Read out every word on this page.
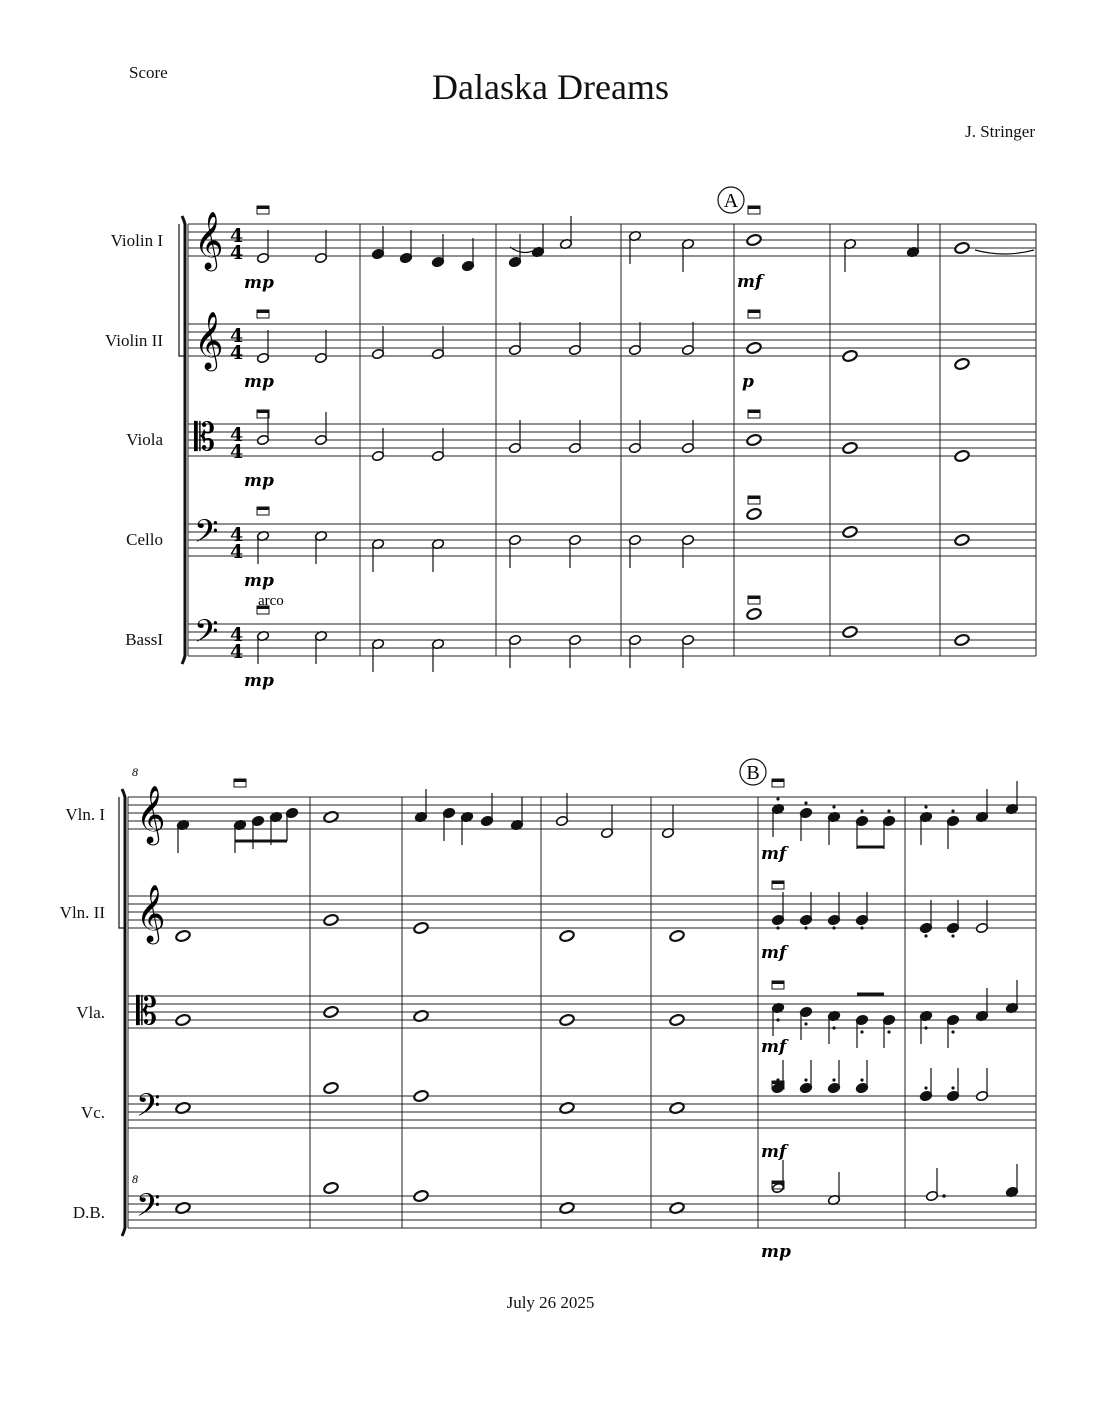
Score	Dalaska Dreams
J. Stringer
Violin I
Violin II
Viola
Cello
BassI
Vln. I
Vln. II
Vla.
Vc.
D.B.
𝄞
𝄞
𝄡
𝄢
𝄢
4
4
4
4
4
4
4
4
4
4
𝄞
𝄞
𝄡
𝄢
𝄢
8
8
A
B
mp
mp
mp
mp
mp
mf
p
arco
mf
mf
mf
mf
mp
July 26 2025
